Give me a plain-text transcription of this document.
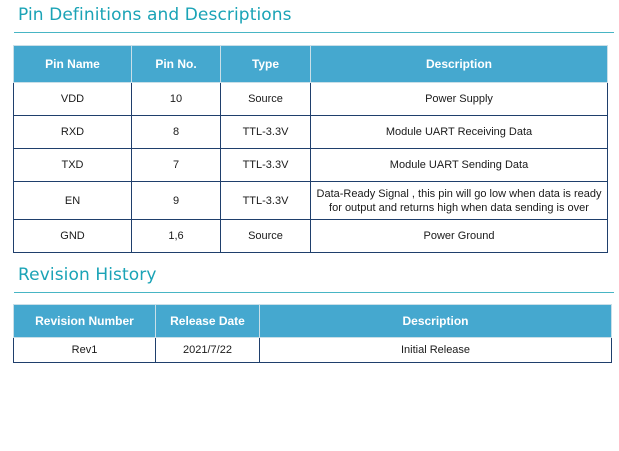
Pin Definitions and Descriptions
Pin Name	Pin No.	Type	Description
VDD	10	Source	Power Supply
RXD	8	TTL-3.3V	Module UART Receiving Data
TXD	7	TTL-3.3V	Module UART Sending Data
EN	9	TTL-3.3V	Data-Ready Signal , this pin will go low when data is ready for output and returns high when data sending is over
GND	1,6	Source	Power Ground
Revision History
Revision Number	Release Date	Description
Rev1	2021/7/22	Initial Release
